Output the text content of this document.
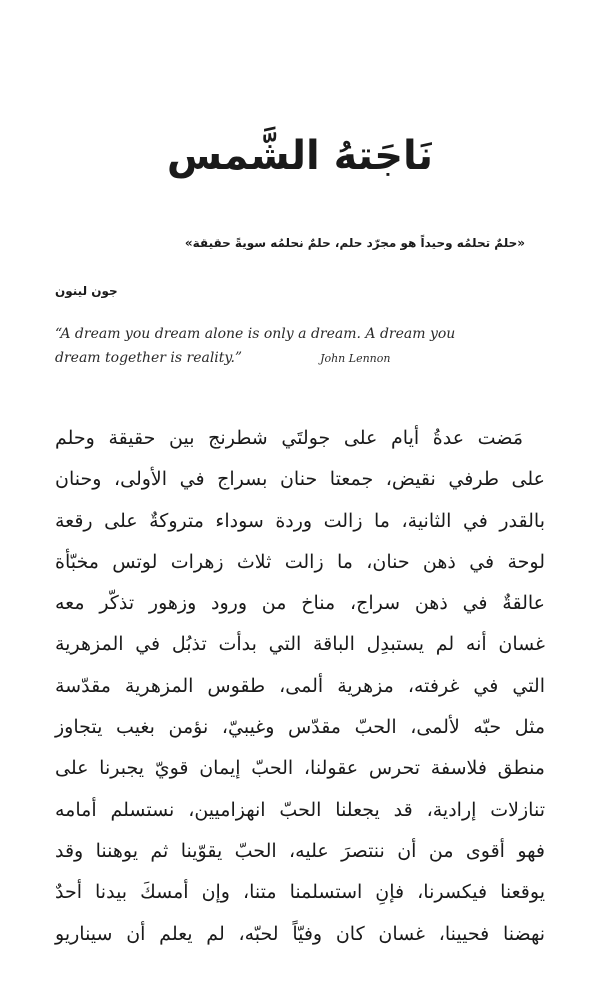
نَاجَتهُ الشَّمس

«حلمٌ تحلمُه وحيداً هو مجرّد حلم، حلمٌ نحلمُه سويةً حقيقة»

جون لينون

“A dream you dream alone is only a dream. A dream you
dream together is reality.”	John Lennon

مَضت عدةُ أيام على جولتَي شطرنج بين حقيقة وحلم
على طرفي نقيض، جمعتا حنان بسراج في الأولى، وحنان
بالقدر في الثانية، ما زالت وردة سوداء متروكةٌ على رقعة
لوحة في ذهن حنان، ما زالت ثلاث زهرات لوتس مخبّأة
عالقةٌ في ذهن سراج، مناخ من ورود وزهور تذكّر معه
غسان أنه لم يستبدِل الباقة التي بدأت تذبُل في المزهرية
التي في غرفته، مزهرية ألمى، طقوس المزهرية مقدّسة
مثل حبّه لألمى، الحبّ مقدّس وغيبيّ، نؤمن بغيب يتجاوز
منطق فلاسفة تحرس عقولنا، الحبّ إيمان قويّ يجبرنا على
تنازلات إرادية، قد يجعلنا الحبّ انهزاميين، نستسلم أمامه
فهو أقوى من أن ننتصرَ عليه، الحبّ يقوّينا ثم يوهننا وقد
يوقعنا فيكسرنا، فإنِ استسلمنا متنا، وإن أمسكَ بيدنا أحدٌ
نهضنا فحيينا، غسان كان وفيّاً لحبّه، لم يعلم أن سيناريو
